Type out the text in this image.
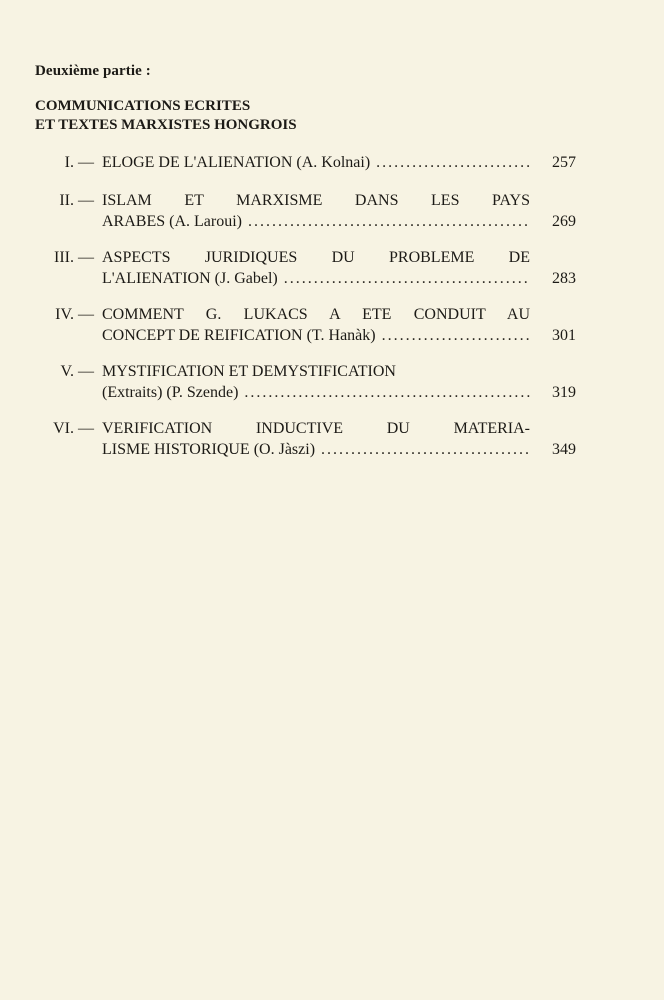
Deuxième partie :
COMMUNICATIONS ECRITES
ET TEXTES MARXISTES HONGROIS
I. — ELOGE DE L'ALIENATION (A. Kolnai) . . .	257
II. — ISLAM ET MARXISME DANS LES PAYS
ARABES (A. Laroui) . . .	269
III. — ASPECTS JURIDIQUES DU PROBLEME DE
L'ALIENATION (J. Gabel) . . .	283
IV. — COMMENT G. LUKACS A ETE CONDUIT AU
CONCEPT DE REIFICATION (T. Hanàk) . . .	301
V. — MYSTIFICATION ET DEMYSTIFICATION
(Extraits) (P. Szende) . . .	319
VI. — VERIFICATION INDUCTIVE DU MATERIA-
LISME HISTORIQUE (O. Jàszi) . . .	349
